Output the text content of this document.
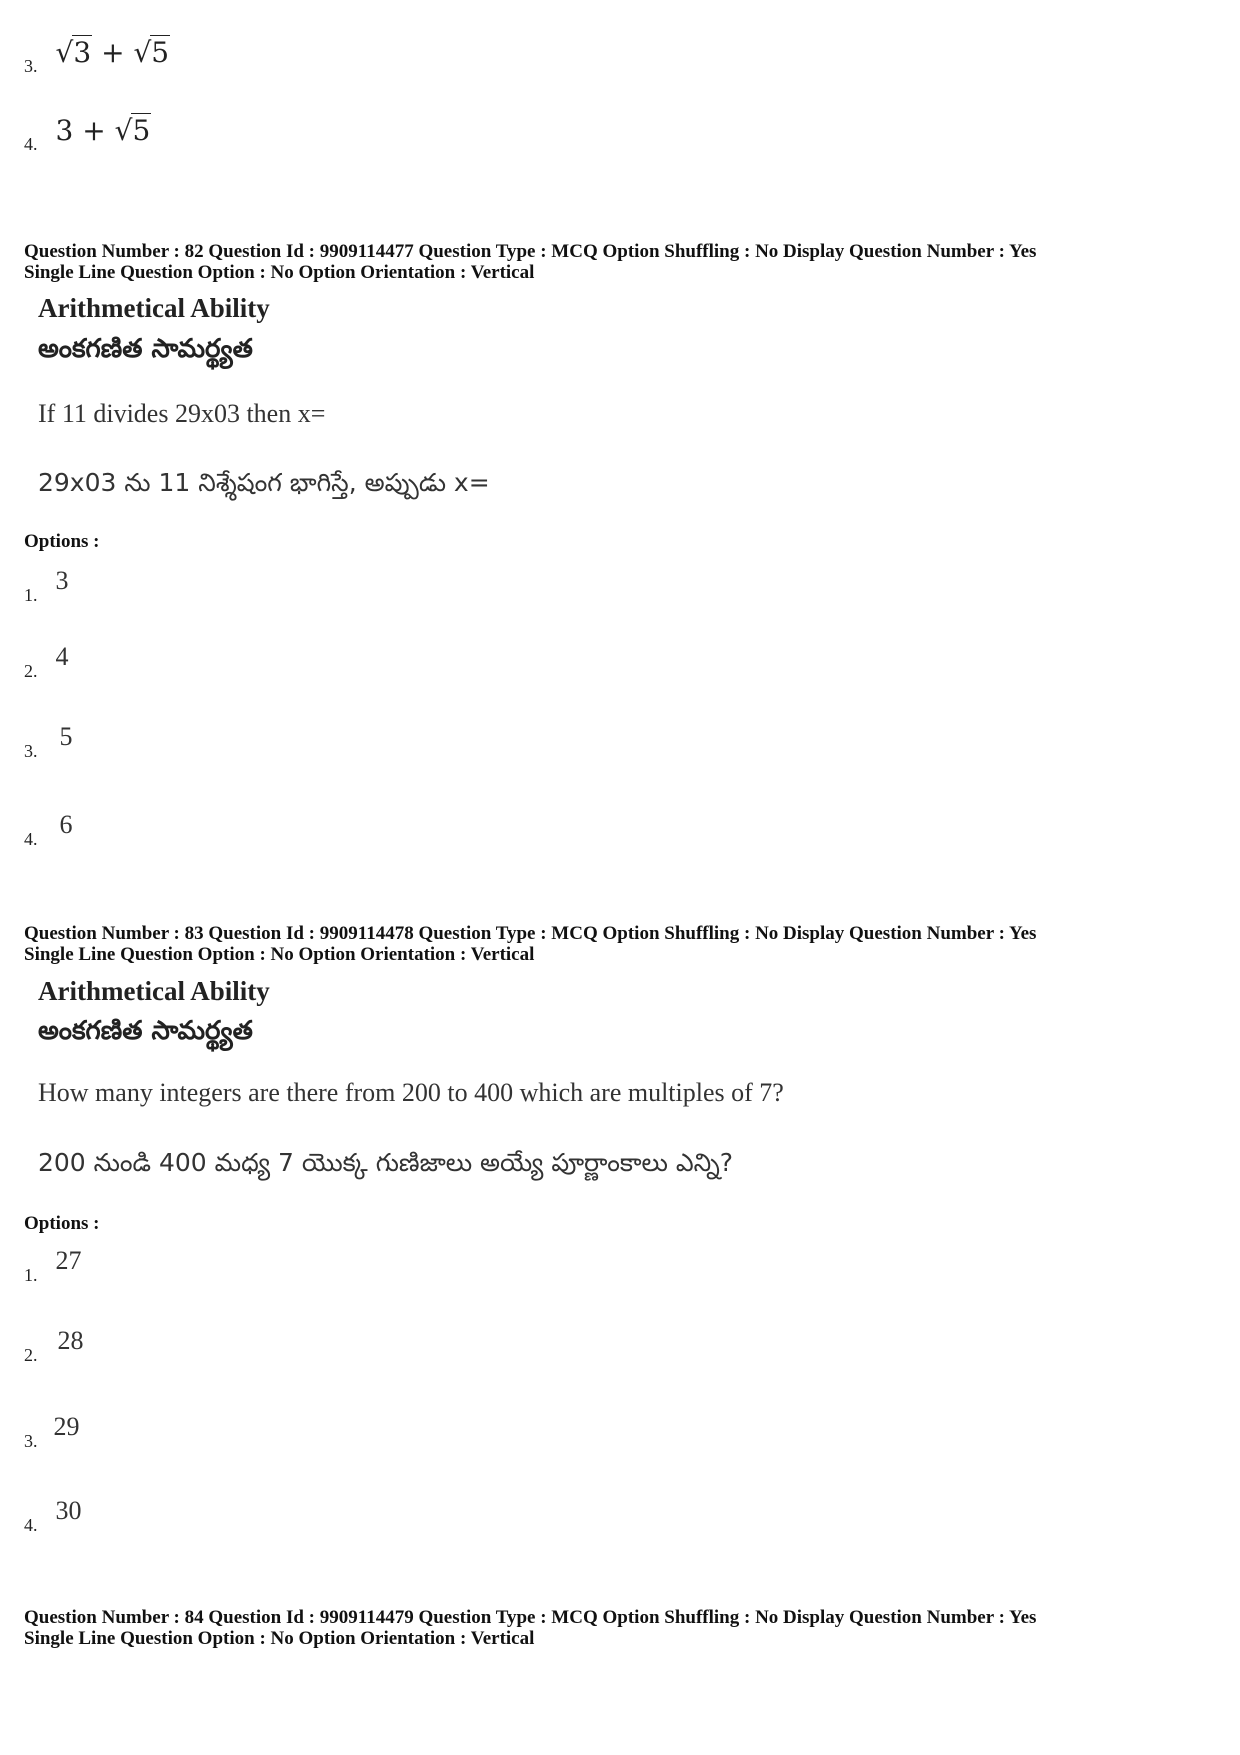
3. √3 + √5
4. 3 + √5
Question Number : 82 Question Id : 9909114477 Question Type : MCQ Option Shuffling : No Display Question Number : Yes
Single Line Question Option : No Option Orientation : Vertical
Arithmetical Ability
అంకగణిత సామర్థ్యత
If 11 divides 29x03 then x=
29x03 ను 11 నిశ్శేషంగ భాగిస్తే, అప్పుడు x=
Options :
1. 3
2. 4
3. 5
4. 6
Question Number : 83 Question Id : 9909114478 Question Type : MCQ Option Shuffling : No Display Question Number : Yes
Single Line Question Option : No Option Orientation : Vertical
Arithmetical Ability
అంకగణిత సామర్థ్యత
How many integers are there from 200 to 400 which are multiples of 7?
200 నుండి 400 మధ్య 7 యొక్క గుణిజాలు అయ్యే పూర్ణాంకాలు ఎన్ని?
Options :
1. 27
2. 28
3. 29
4. 30
Question Number : 84 Question Id : 9909114479 Question Type : MCQ Option Shuffling : No Display Question Number : Yes
Single Line Question Option : No Option Orientation : Vertical
